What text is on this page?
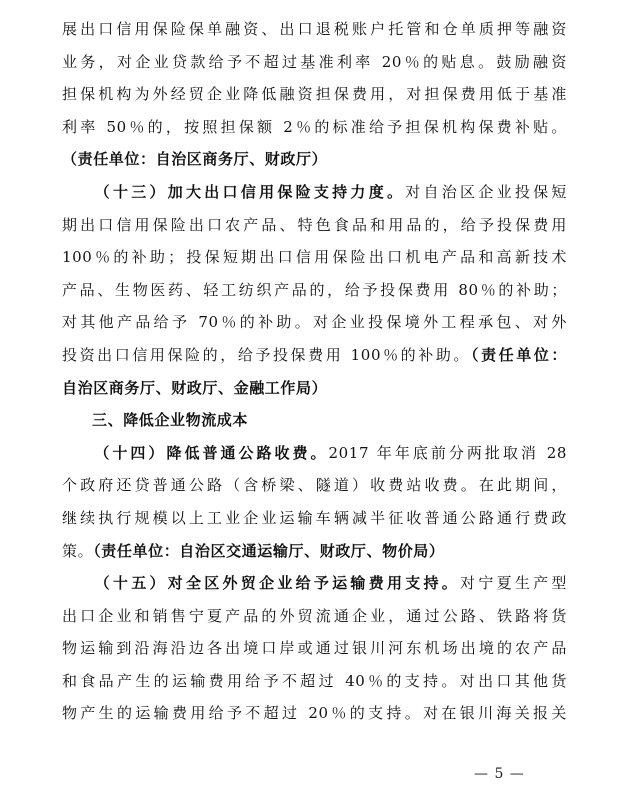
展出口信用保险保单融资、出口退税账户托管和仓单质押等融资
业务，对企业贷款给予不超过基准利率 20％的贴息。鼓励融资
担保机构为外经贸企业降低融资担保费用，对担保费用低于基准
利率 50％的，按照担保额 2％的标准给予担保机构保费补贴。
（责任单位：自治区商务厅、财政厅）
（十三）加大出口信用保险支持力度。对自治区企业投保短
期出口信用保险出口农产品、特色食品和用品的，给予投保费用
100％的补助；投保短期出口信用保险出口机电产品和高新技术
产品、生物医药、轻工纺织产品的，给予投保费用 80％的补助；
对其他产品给予 70％的补助。对企业投保境外工程承包、对外
投资出口信用保险的，给予投保费用 100％的补助。（责任单位：
自治区商务厅、财政厅、金融工作局）
三、降低企业物流成本
（十四）降低普通公路收费。2017 年年底前分两批取消 28
个政府还贷普通公路（含桥梁、隧道）收费站收费。在此期间，
继续执行规模以上工业企业运输车辆减半征收普通公路通行费政
策。（责任单位：自治区交通运输厅、财政厅、物价局）
（十五）对全区外贸企业给予运输费用支持。对宁夏生产型
出口企业和销售宁夏产品的外贸流通企业，通过公路、铁路将货
物运输到沿海沿边各出境口岸或通过银川河东机场出境的农产品
和食品产生的运输费用给予不超过 40％的支持。对出口其他货
物产生的运输费用给予不超过 20％的支持。对在银川海关报关
— 5 —
